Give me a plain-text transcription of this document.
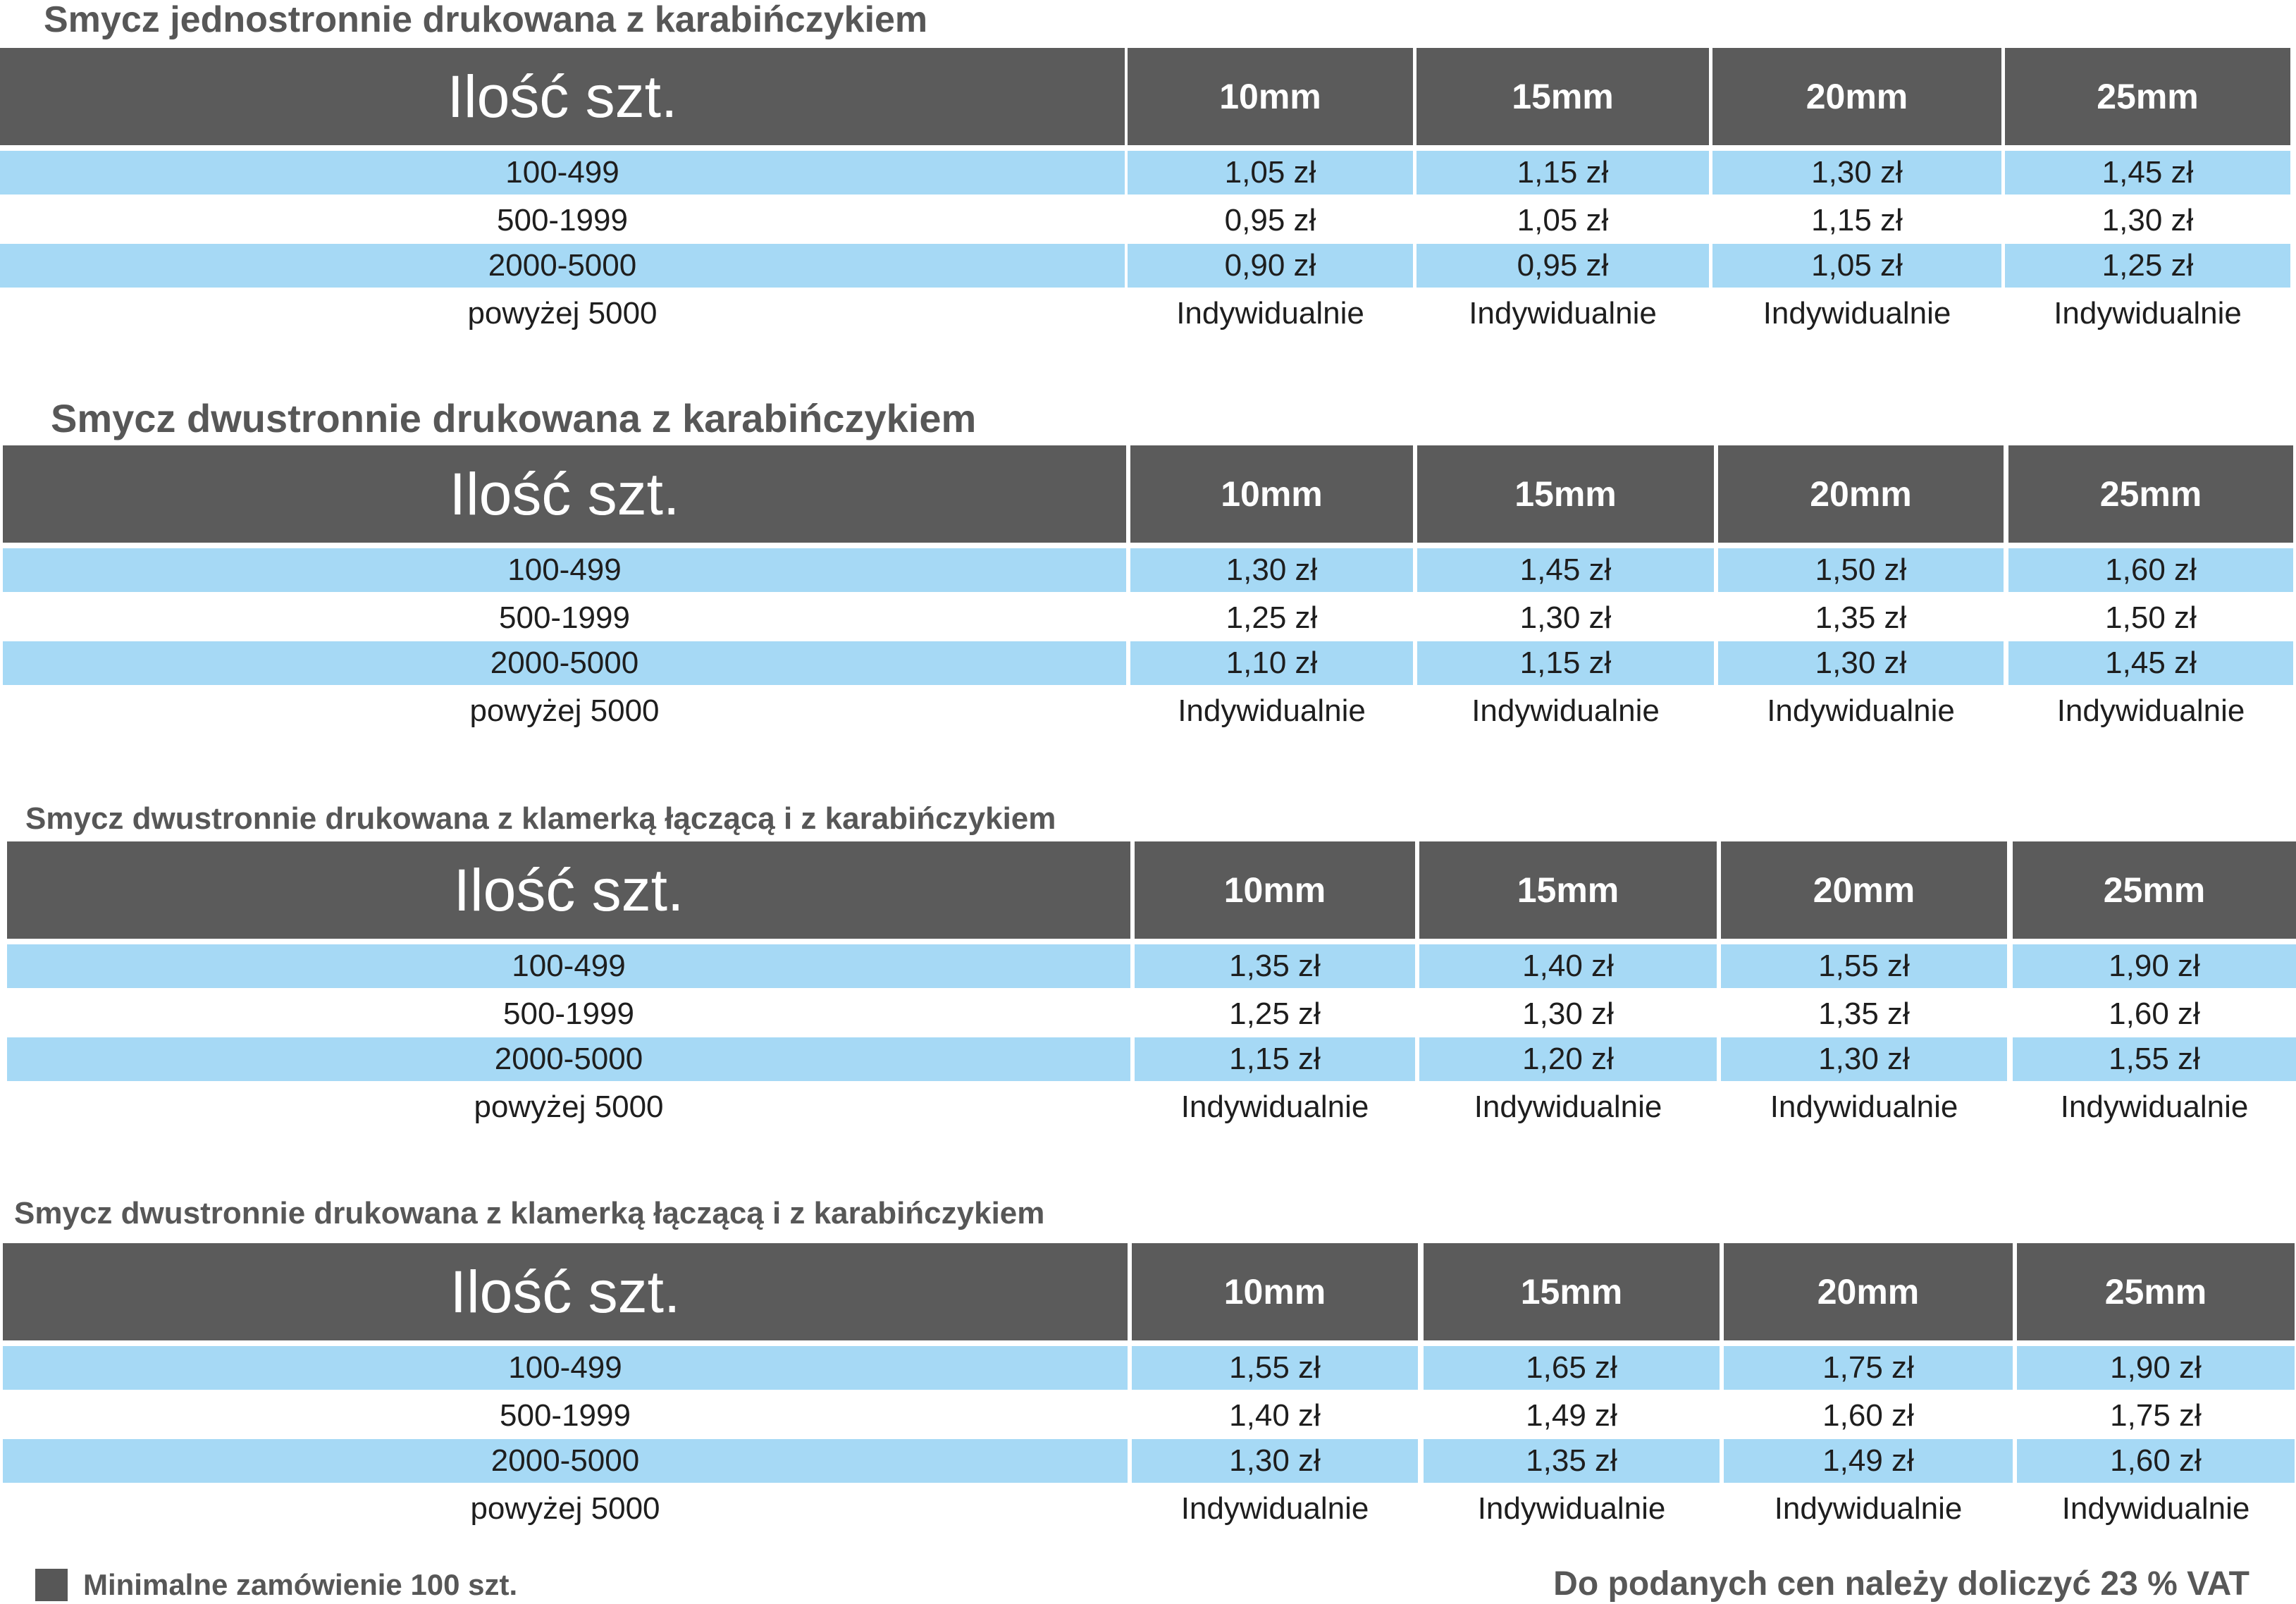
Smycz jednostronnie drukowana z karabińczykiem
Ilość szt.	10mm	15mm	20mm	25mm
100-499	1,05 zł	1,15 zł	1,30 zł	1,45 zł
500-1999	0,95 zł	1,05 zł	1,15 zł	1,30 zł
2000-5000	0,90 zł	0,95 zł	1,05 zł	1,25 zł
powyżej 5000	Indywidualnie	Indywidualnie	Indywidualnie	Indywidualnie
Smycz dwustronnie drukowana z karabińczykiem
Ilość szt.	10mm	15mm	20mm	25mm
100-499	1,30 zł	1,45 zł	1,50 zł	1,60 zł
500-1999	1,25 zł	1,30 zł	1,35 zł	1,50 zł
2000-5000	1,10 zł	1,15 zł	1,30 zł	1,45 zł
powyżej 5000	Indywidualnie	Indywidualnie	Indywidualnie	Indywidualnie
Smycz dwustronnie drukowana z klamerką łączącą i z karabińczykiem
Ilość szt.	10mm	15mm	20mm	25mm
100-499	1,35 zł	1,40 zł	1,55 zł	1,90 zł
500-1999	1,25 zł	1,30 zł	1,35 zł	1,60 zł
2000-5000	1,15 zł	1,20 zł	1,30 zł	1,55 zł
powyżej 5000	Indywidualnie	Indywidualnie	Indywidualnie	Indywidualnie
Smycz dwustronnie drukowana z klamerką łączącą i z karabińczykiem
Ilość szt.	10mm	15mm	20mm	25mm
100-499	1,55 zł	1,65 zł	1,75 zł	1,90 zł
500-1999	1,40 zł	1,49 zł	1,60 zł	1,75 zł
2000-5000	1,30 zł	1,35 zł	1,49 zł	1,60 zł
powyżej 5000	Indywidualnie	Indywidualnie	Indywidualnie	Indywidualnie
Minimalne zamówienie 100 szt.	Do podanych cen należy doliczyć 23 % VAT
